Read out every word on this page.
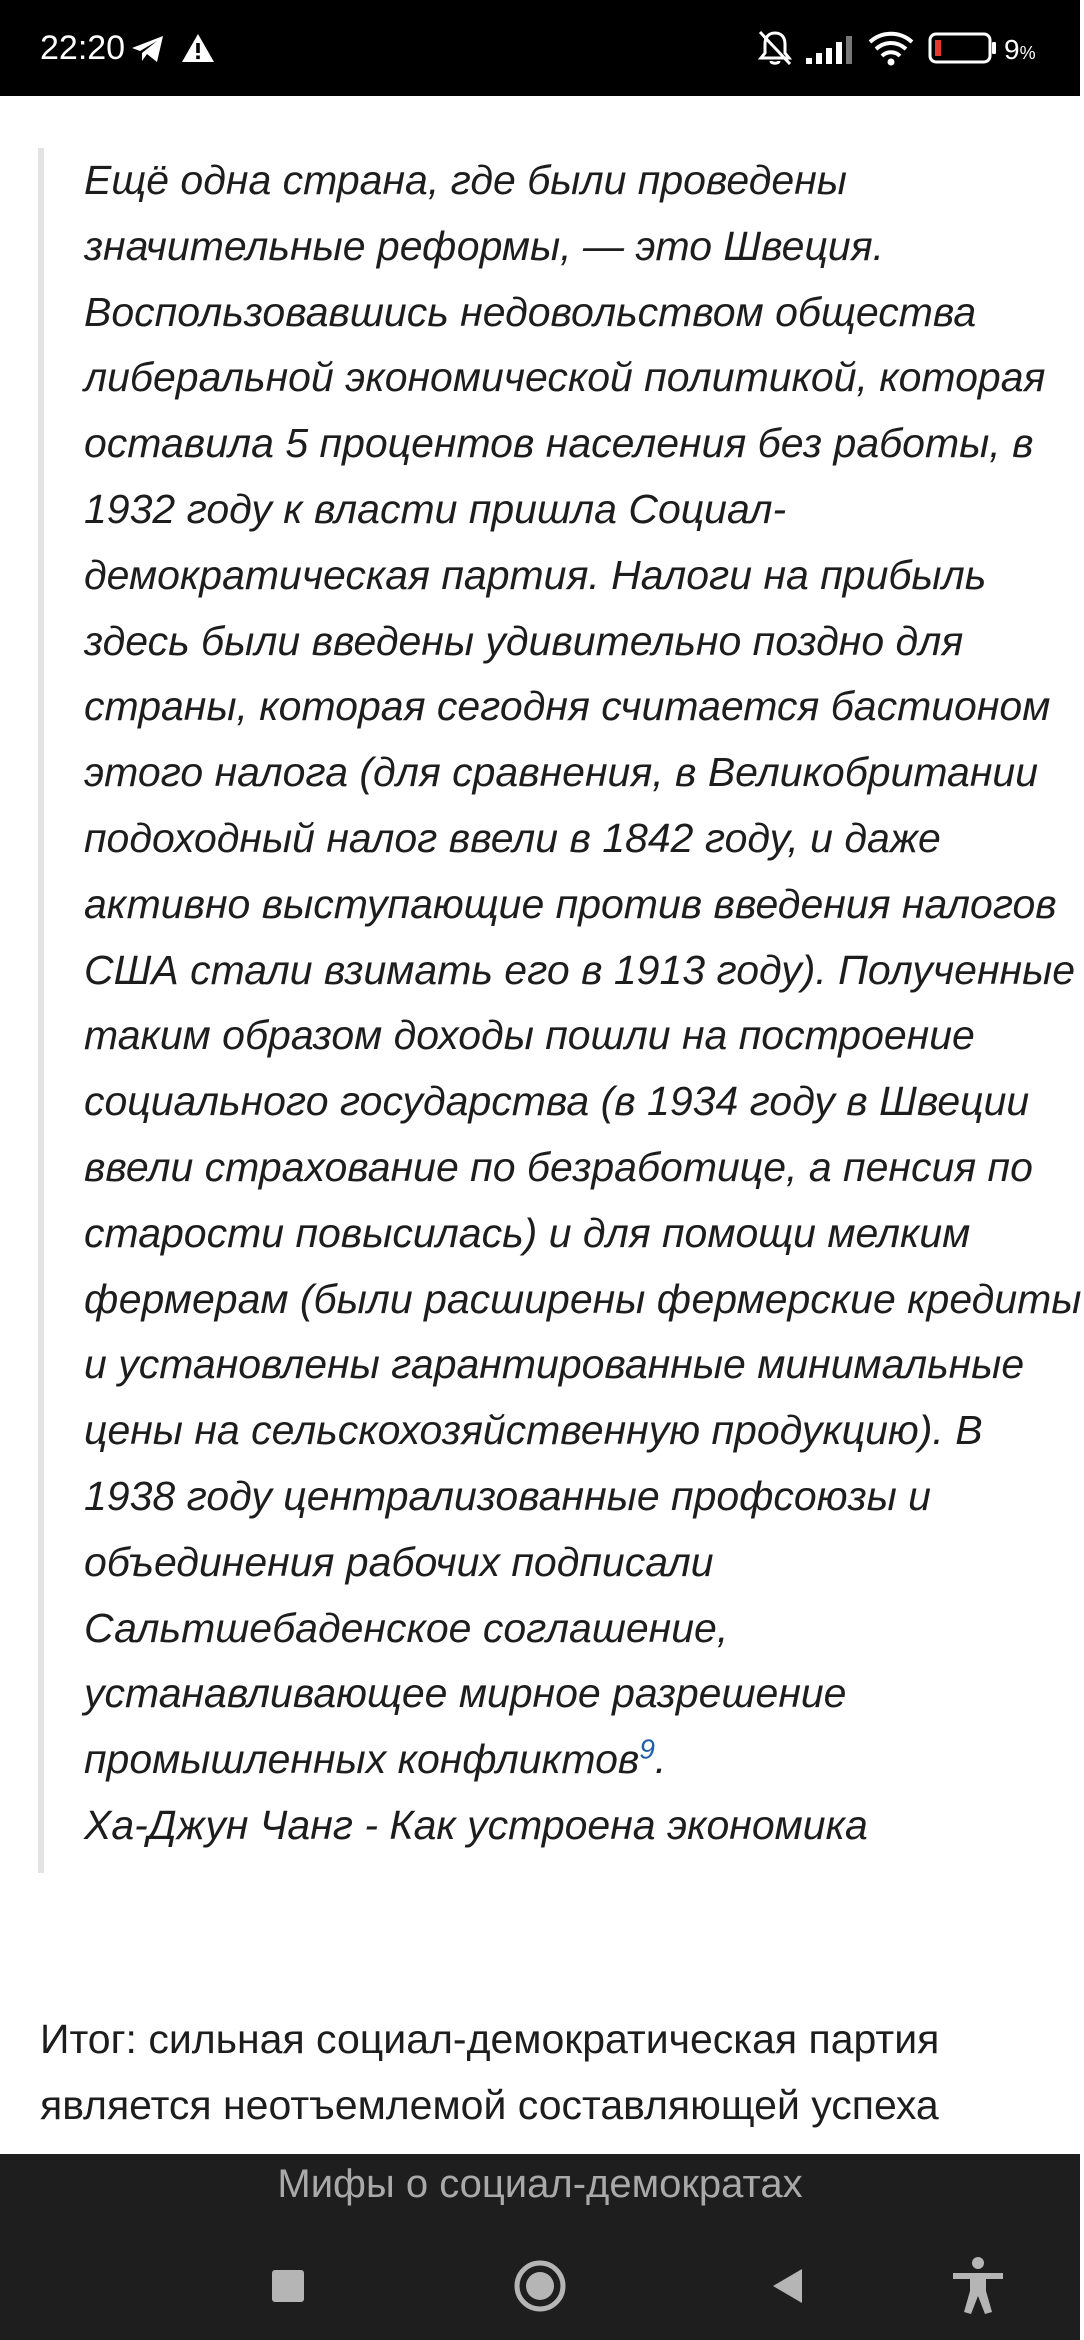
22:20	9%

Ещё одна страна, где были проведены значительные реформы, — это Швеция. Воспользовавшись недовольством общества либеральной экономической политикой, которая оставила 5 процентов населения без работы, в 1932 году к власти пришла Социал-демократическая партия. Налоги на прибыль здесь были введены удивительно поздно для страны, которая сегодня считается бастионом этого налога (для сравнения, в Великобритании подоходный налог ввели в 1842 году, и даже активно выступающие против введения налогов США стали взимать его в 1913 году). Полученные таким образом доходы пошли на построение социального государства (в 1934 году в Швеции ввели страхование по безработице, а пенсия по старости повысилась) и для помощи мелким фермерам (были расширены фермерские кредиты и установлены гарантированные минимальные цены на сельскохозяйственную продукцию). В 1938 году централизованные профсоюзы и объединения рабочих подписали Сальтшебаденское соглашение, устанавливающее мирное разрешение промышленных конфликтов$^9$.

Ха-Джун Чанг - Как устроена экономика

Итог: сильная социал-демократическая партия является неотъемлемой составляющей успеха

Мифы о социал-демократах
